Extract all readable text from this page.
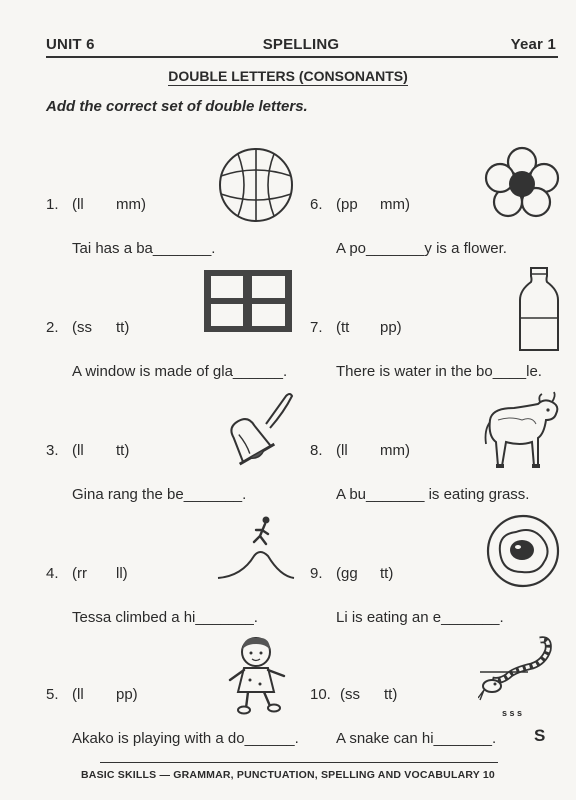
UNIT 6	SPELLING	Year 1
DOUBLE LETTERS (CONSONANTS)
Add the correct set of double letters.
1. (ll mm)
Tai has a ba_______.
2. (ss tt)
A window is made of gla______.
3. (ll tt)
Gina rang the be_______.
4. (rr ll)
Tessa climbed a hi_______.
5. (ll pp)
Akako is playing with a do______.
6. (pp mm)
A po_______y is a flower.
7. (tt pp)
There is water in the bo____le.
8. (ll mm)
A bu_______ is eating grass.
9. (gg tt)
Li is eating an e_______.
10. (ss tt)
A snake can hi_______.
s s s
S
BASIC SKILLS — GRAMMAR, PUNCTUATION, SPELLING AND VOCABULARY 10
